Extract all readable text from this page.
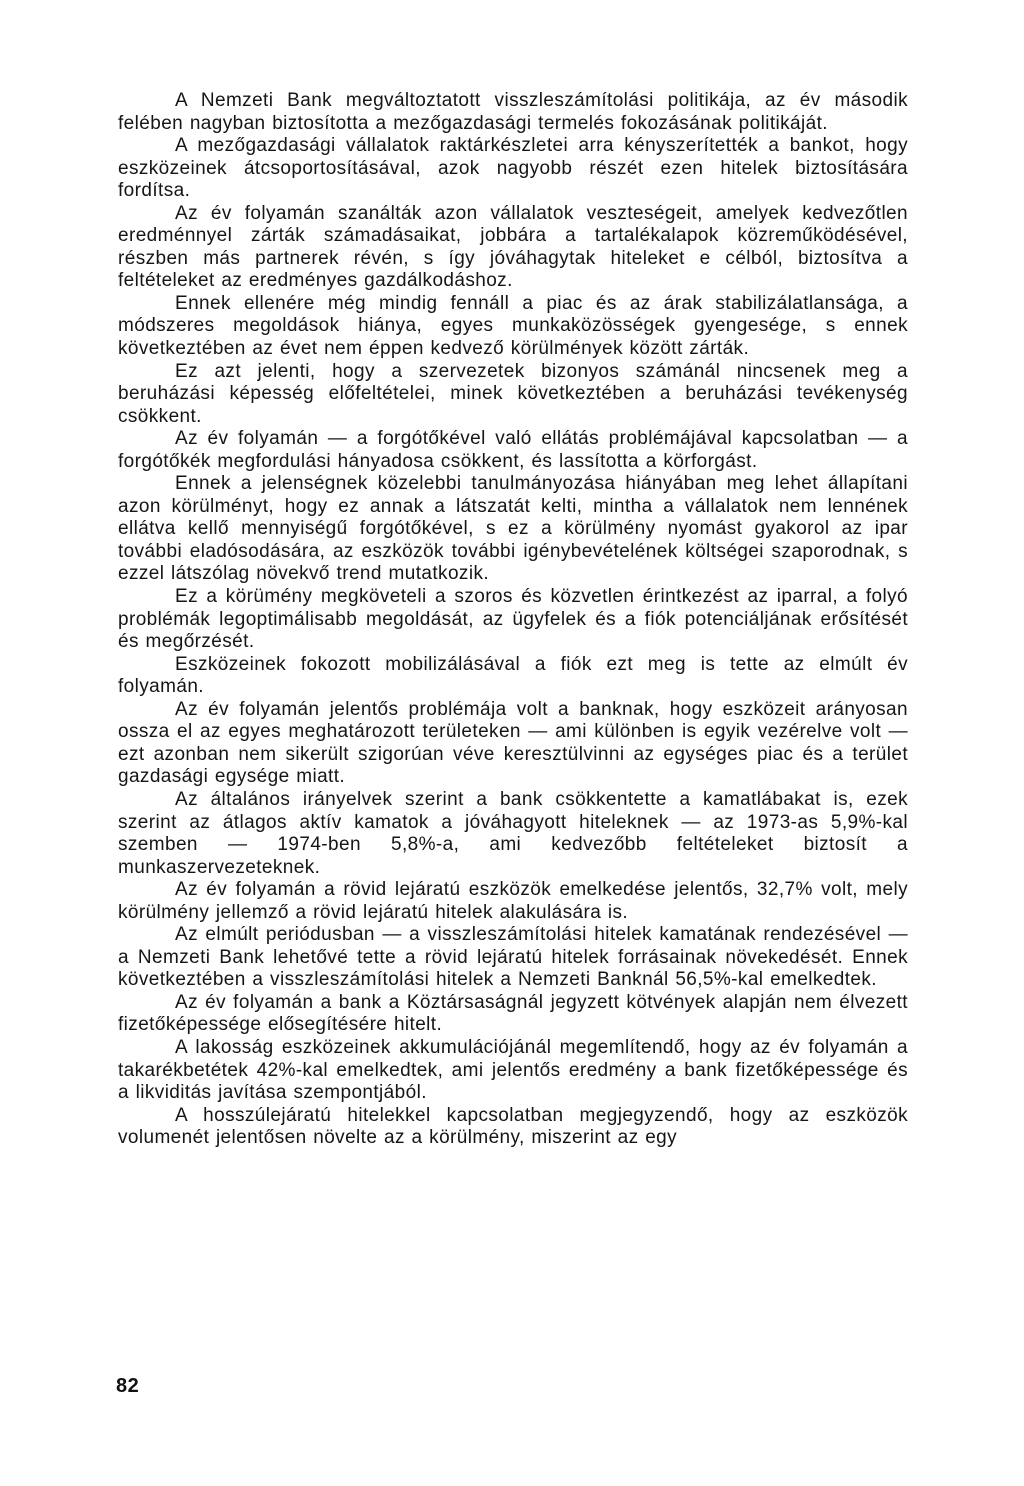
A Nemzeti Bank megváltoztatott visszleszámítolási politikája, az év második felében nagyban biztosította a mezőgazdasági termelés fokozásának politikáját.

A mezőgazdasági vállalatok raktárkészletei arra kényszerítették a bankot, hogy eszközeinek átcsoportosításával, azok nagyobb részét ezen hitelek biztosítására fordítsa.

Az év folyamán szanálták azon vállalatok veszteségeit, amelyek kedvezőtlen eredménnyel zárták számadásaikat, jobbára a tartalékalapok közreműködésével, részben más partnerek révén, s így jóváhagytak hiteleket e célból, biztosítva a feltételeket az eredményes gazdálkodáshoz.

Ennek ellenére még mindig fennáll a piac és az árak stabilizálatlansága, a módszeres megoldások hiánya, egyes munkaközösségek gyengesége, s ennek következtében az évet nem éppen kedvező körülmények között zárták.

Ez azt jelenti, hogy a szervezetek bizonyos számánál nincsenek meg a beruházási képesség előfeltételei, minek következtében a beruházási tevékenység csökkent.

Az év folyamán — a forgótőkével való ellátás problémájával kapcsolatban — a forgótőkék megfordulási hányadosa csökkent, és lassította a körforgást.

Ennek a jelenségnek közelebbi tanulmányozása hiányában meg lehet állapítani azon körülményt, hogy ez annak a látszatát kelti, mintha a vállalatok nem lennének ellátva kellő mennyiségű forgótőkével, s ez a körülmény nyomást gyakorol az ipar további eladósodására, az eszközök további igénybevételének költségei szaporodnak, s ezzel látszólag növekvő trend mutatkozik.

Ez a körümény megköveteli a szoros és közvetlen érintkezést az iparral, a folyó problémák legoptimálisabb megoldását, az ügyfelek és a fiók potenciáljának erősítését és megőrzését.

Eszközeinek fokozott mobilizálásával a fiók ezt meg is tette az elmúlt év folyamán.

Az év folyamán jelentős problémája volt a banknak, hogy eszközeit arányosan ossza el az egyes meghatározott területeken — ami különben is egyik vezérelve volt — ezt azonban nem sikerült szigorúan véve keresztülvinni az egységes piac és a terület gazdasági egysége miatt.

Az általános irányelvek szerint a bank csökkentette a kamatlábakat is, ezek szerint az átlagos aktív kamatok a jóváhagyott hiteleknek — az 1973-as 5,9%-kal szemben — 1974-ben 5,8%-a, ami kedvezőbb feltételeket biztosít a munkaszervezeteknek.

Az év folyamán a rövid lejáratú eszközök emelkedése jelentős, 32,7% volt, mely körülmény jellemző a rövid lejáratú hitelek alakulására is.

Az elmúlt periódusban — a visszleszámítolási hitelek kamatának rendezésével — a Nemzeti Bank lehetővé tette a rövid lejáratú hitelek forrásainak növekedését. Ennek következtében a visszleszámítolási hitelek a Nemzeti Banknál 56,5%-kal emelkedtek.

Az év folyamán a bank a Köztársaságnál jegyzett kötvények alapján nem élvezett fizetőképessége elősegítésére hitelt.

A lakosság eszközeinek akkumulációjánál megemlítendő, hogy az év folyamán a takarékbetétek 42%-kal emelkedtek, ami jelentős eredmény a bank fizetőképessége és a likviditás javítása szempontjából.

A hosszúlejáratú hitelekkel kapcsolatban megjegyzendő, hogy az eszközök volumenét jelentősen növelte az a körülmény, miszerint az egy

82
